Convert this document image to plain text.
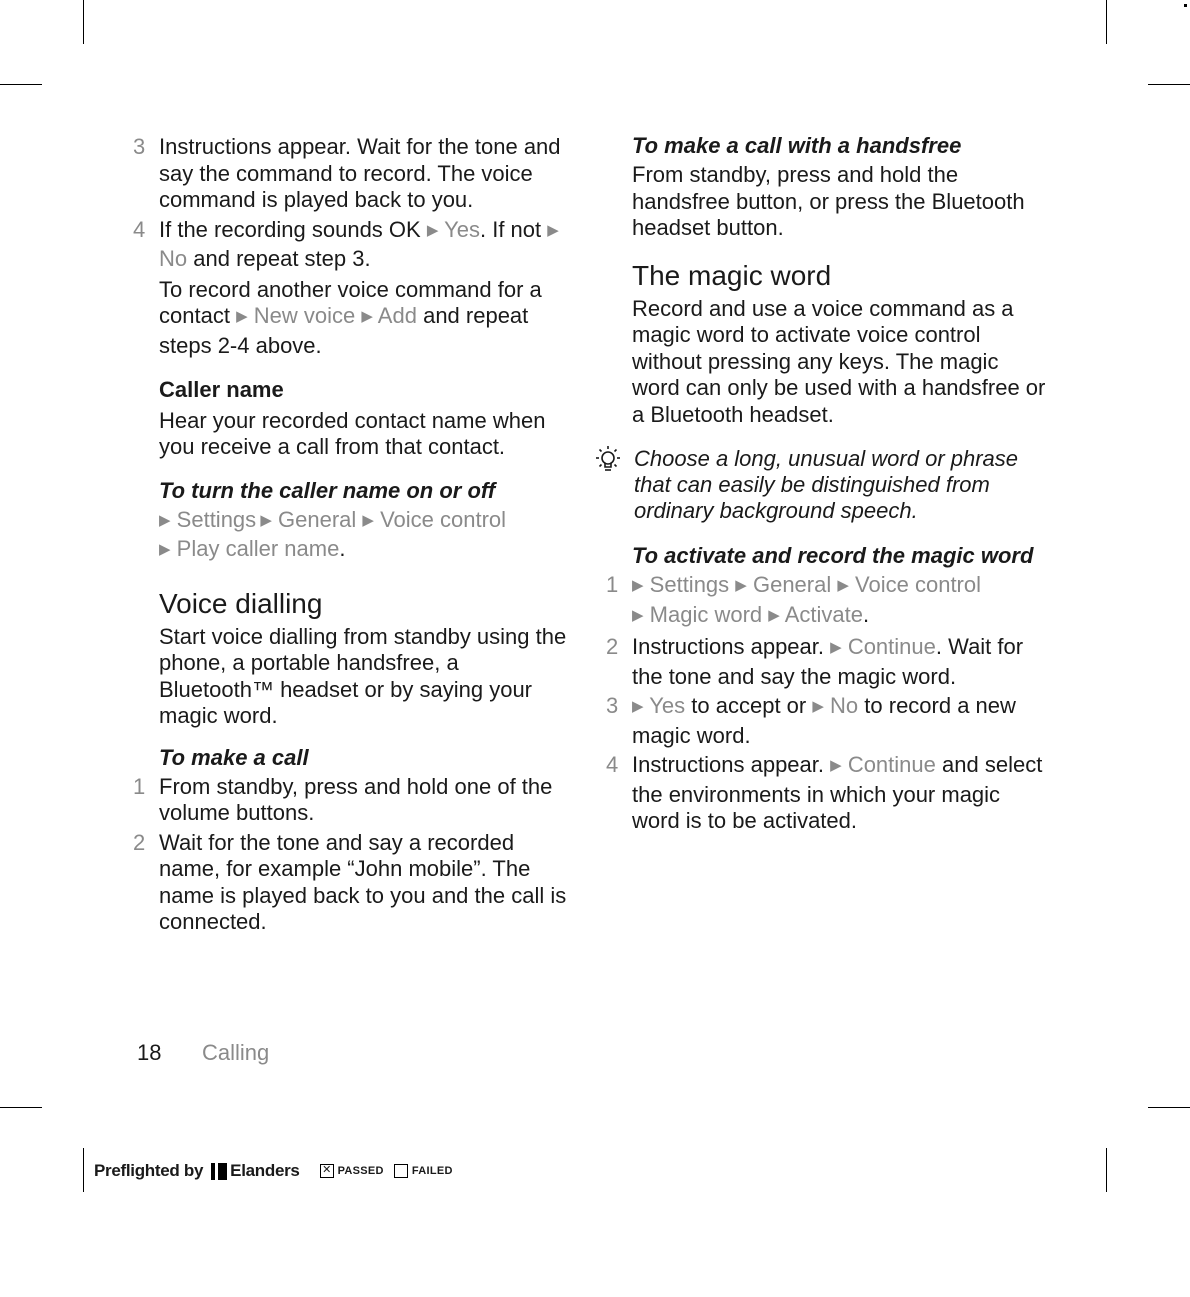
3 Instructions appear. Wait for the tone and say the command to record. The voice command is played back to you.
4 If the recording sounds OK ▶ Yes. If not ▶ No and repeat step 3.
To record another voice command for a contact ▶ New voice ▶ Add and repeat steps 2-4 above.
Caller name
Hear your recorded contact name when you receive a call from that contact.
To turn the caller name on or off
▶ Settings ▶ General ▶ Voice control
▶ Play caller name.
Voice dialling
Start voice dialling from standby using the phone, a portable handsfree, a Bluetooth™ headset or by saying your magic word.
To make a call
1 From standby, press and hold one of the volume buttons.
2 Wait for the tone and say a recorded name, for example “John mobile”. The name is played back to you and the call is connected.
To make a call with a handsfree
From standby, press and hold the handsfree button, or press the Bluetooth headset button.
The magic word
Record and use a voice command as a magic word to activate voice control without pressing any keys. The magic word can only be used with a handsfree or a Bluetooth headset.
Choose a long, unusual word or phrase that can easily be distinguished from ordinary background speech.
To activate and record the magic word
1 ▶ Settings ▶ General ▶ Voice control
▶ Magic word ▶ Activate.
2 Instructions appear. ▶ Continue. Wait for the tone and say the magic word.
3 ▶ Yes to accept or ▶ No to record a new magic word.
4 Instructions appear. ▶ Continue and select the environments in which your magic word is to be activated.
18 Calling
Preflighted by Elanders ✕ PASSED	FAILED
